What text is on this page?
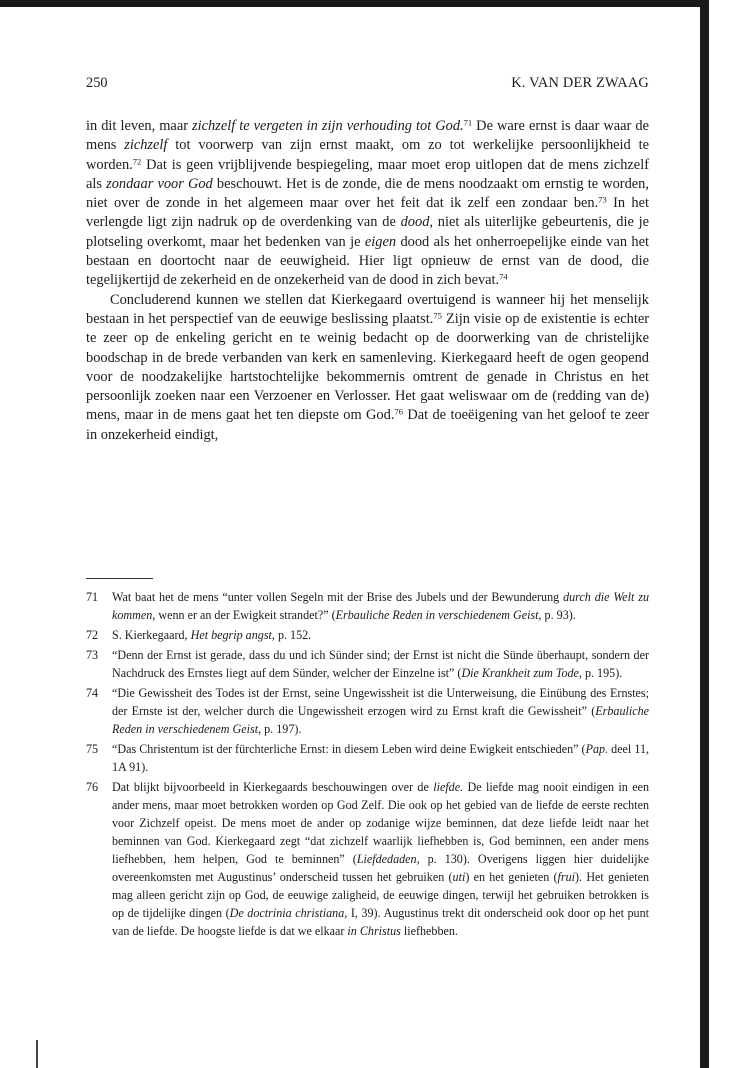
250	K. VAN DER ZWAAG

in dit leven, maar zichzelf te vergeten in zijn verhouding tot God.$^{71}$ De ware ernst is daar waar de mens zichzelf tot voorwerp van zijn ernst maakt, om zo tot werkelijke persoonlijkheid te worden.$^{72}$ Dat is geen vrijblijvende bespiegeling, maar moet erop uitlopen dat de mens zichzelf als zondaar voor God beschouwt. Het is de zonde, die de mens noodzaakt om ernstig te worden, niet over de zonde in het algemeen maar over het feit dat ik zelf een zondaar ben.$^{73}$ In het verlengde ligt zijn nadruk op de overdenking van de dood, niet als uiterlijke gebeurtenis, die je plotseling overkomt, maar het bedenken van je eigen dood als het onherroepelijke einde van het bestaan en doortocht naar de eeuwigheid. Hier ligt opnieuw de ernst van de dood, die tegelijkertijd de zekerheid en de onzekerheid van de dood in zich bevat.$^{74}$

Concluderend kunnen we stellen dat Kierkegaard overtuigend is wanneer hij het menselijk bestaan in het perspectief van de eeuwige beslissing plaatst.$^{75}$ Zijn visie op de existentie is echter te zeer op de enkeling gericht en te weinig bedacht op de doorwerking van de christelijke boodschap in de brede verbanden van kerk en samenleving. Kierkegaard heeft de ogen geopend voor de noodzakelijke hartstochtelijke bekommernis omtrent de genade in Christus en het persoonlijk zoeken naar een Verzoener en Verlosser. Het gaat weliswaar om de (redding van de) mens, maar in de mens gaat het ten diepste om God.$^{76}$ Dat de toeëigening van het geloof te zeer in onzekerheid eindigt,

71 Wat baat het de mens “unter vollen Segeln mit der Brise des Jubels und der Bewunderung durch die Welt zu kommen, wenn er an der Ewigkeit strandet?” (Erbauliche Reden in verschiedenem Geist, p. 93).
72 S. Kierkegaard, Het begrip angst, p. 152.
73 “Denn der Ernst ist gerade, dass du und ich Sünder sind; der Ernst ist nicht die Sünde überhaupt, sondern der Nachdruck des Ernstes liegt auf dem Sünder, welcher der Einzelne ist” (Die Krankheit zum Tode, p. 195).
74 “Die Gewissheit des Todes ist der Ernst, seine Ungewissheit ist die Unterweisung, die Einübung des Ernstes; der Ernste ist der, welcher durch die Ungewissheit erzogen wird zu Ernst kraft die Gewissheit” (Erbauliche Reden in verschiedenem Geist, p. 197).
75 “Das Christentum ist der fürchterliche Ernst: in diesem Leben wird deine Ewigkeit entschieden” (Pap. deel 11, 1A 91).
76 Dat blijkt bijvoorbeeld in Kierkegaards beschouwingen over de liefde. De liefde mag nooit eindigen in een ander mens, maar moet betrokken worden op God Zelf. Die ook op het gebied van de liefde de eerste rechten voor Zichzelf opeist. De mens moet de ander op zodanige wijze beminnen, dat deze liefde leidt naar het beminnen van God. Kierkegaard zegt “dat zichzelf waarlijk liefhebben is, God beminnen, een ander mens liefhebben, hem helpen, God te beminnen” (Liefdedaden, p. 130). Overigens liggen hier duidelijke overeenkomsten met Augustinus’ onderscheid tussen het gebruiken (uti) en het genieten (frui). Het genieten mag alleen gericht zijn op God, de eeuwige zaligheid, de eeuwige dingen, terwijl het gebruiken betrokken is op de tijdelijke dingen (De doctrinia christiana, I, 39). Augustinus trekt dit onderscheid ook door op het punt van de liefde. De hoogste liefde is dat we elkaar in Christus liefhebben.
